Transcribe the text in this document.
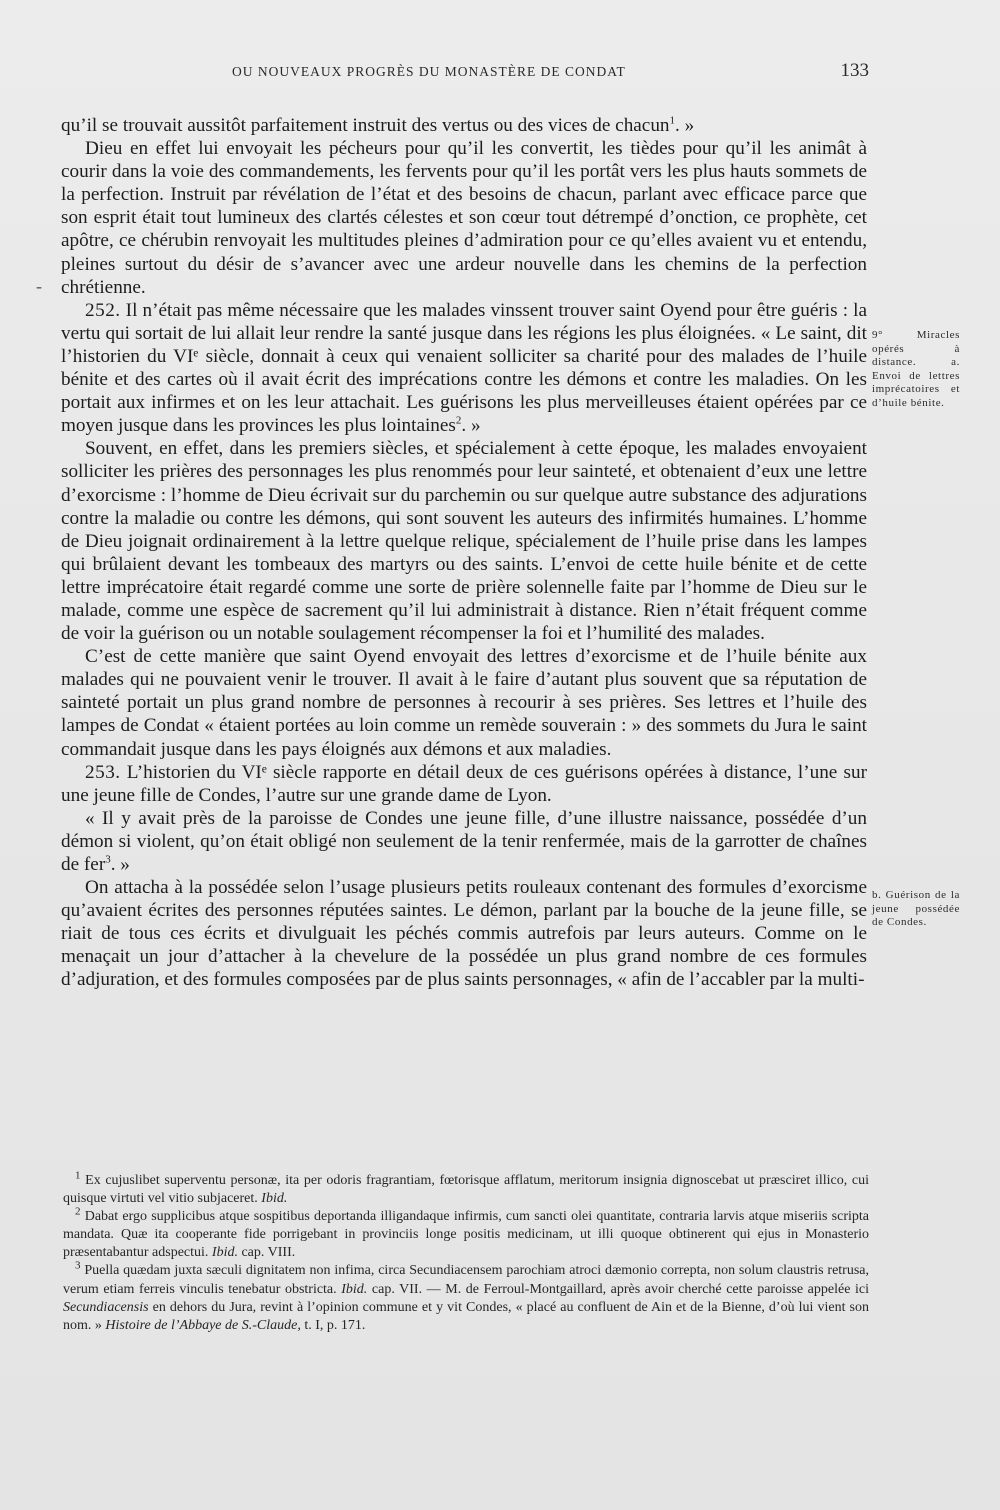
OU NOUVEAUX PROGRÈS DU MONASTÈRE DE CONDAT	133
-

qu’il se trouvait aussitôt parfaitement instruit des vertus ou des vices de chacun$^1$. »

Dieu en effet lui envoyait les pécheurs pour qu’il les convertit, les tièdes pour qu’il les animât à courir dans la voie des commandements, les fervents pour qu’il les portât vers les plus hauts sommets de la perfection. Instruit par révélation de l’état et des besoins de chacun, parlant avec efficace parce que son esprit était tout lumineux des clartés célestes et son cœur tout détrempé d’onction, ce prophète, cet apôtre, ce chérubin renvoyait les multitudes pleines d’admiration pour ce qu’elles avaient vu et entendu, pleines surtout du désir de s’avancer avec une ardeur nouvelle dans les chemins de la perfection chrétienne.

252. Il n’était pas même nécessaire que les malades vinssent trouver saint Oyend pour être guéris : la vertu qui sortait de lui allait leur rendre la santé jusque dans les régions les plus éloignées. « Le saint, dit l’historien du VIᵉ siècle, donnait à ceux qui venaient solliciter sa charité pour des malades de l’huile bénite et des cartes où il avait écrit des imprécations contre les démons et contre les maladies. On les portait aux infirmes et on les leur attachait. Les guérisons les plus merveilleuses étaient opérées par ce moyen jusque dans les provinces les plus lointaines$^2$. »

Souvent, en effet, dans les premiers siècles, et spécialement à cette époque, les malades envoyaient solliciter les prières des personnages les plus renommés pour leur sainteté, et obtenaient d’eux une lettre d’exorcisme : l’homme de Dieu écrivait sur du parchemin ou sur quelque autre substance des adjurations contre la maladie ou contre les démons, qui sont souvent les auteurs des infirmités humaines. L’homme de Dieu joignait ordinairement à la lettre quelque relique, spécialement de l’huile prise dans les lampes qui brûlaient devant les tombeaux des martyrs ou des saints. L’envoi de cette huile bénite et de cette lettre imprécatoire était regardé comme une sorte de prière solennelle faite par l’homme de Dieu sur le malade, comme une espèce de sacrement qu’il lui administrait à distance. Rien n’était fréquent comme de voir la guérison ou un notable soulagement récompenser la foi et l’humilité des malades.

C’est de cette manière que saint Oyend envoyait des lettres d’exorcisme et de l’huile bénite aux malades qui ne pouvaient venir le trouver. Il avait à le faire d’autant plus souvent que sa réputation de sainteté portait un plus grand nombre de personnes à recourir à ses prières. Ses lettres et l’huile des lampes de Condat « étaient portées au loin comme un remède souverain : » des sommets du Jura le saint commandait jusque dans les pays éloignés aux démons et aux maladies.

253. L’historien du VIᵉ siècle rapporte en détail deux de ces guérisons opérées à distance, l’une sur une jeune fille de Condes, l’autre sur une grande dame de Lyon.

« Il y avait près de la paroisse de Condes une jeune fille, d’une illustre naissance, possédée d’un démon si violent, qu’on était obligé non seulement de la tenir renfermée, mais de la garrotter de chaînes de fer$^3$. »

On attacha à la possédée selon l’usage plusieurs petits rouleaux contenant des formules d’exorcisme qu’avaient écrites des personnes réputées saintes. Le démon, parlant par la bouche de la jeune fille, se riait de tous ces écrits et divulguait les péchés commis autrefois par leurs auteurs. Comme on le menaçait un jour d’attacher à la chevelure de la possédée un plus grand nombre de ces formules d’adjuration, et des formules composées par de plus saints personnages, « afin de l’accabler par la multi-

9° Miracles opérés à distance. a. Envoi de lettres imprécatoires et d’huile bénite.
b. Guérison de la jeune possédée de Condes.

$^1$ Ex cujuslibet superventu personæ, ita per odoris fragrantiam, fœtorisque afflatum, meritorum insignia dignoscebat ut præsciret illico, cui quisque virtuti vel vitio subjaceret. Ibid.

$^2$ Dabat ergo supplicibus atque sospitibus deportanda illigandaque infirmis, cum sancti olei quantitate, contraria larvis atque miseriis scripta mandata. Quæ ita cooperante fide porrigebant in provinciis longe positis medicinam, ut illi quoque obtinerent qui ejus in Monasterio præsentabantur adspectui. Ibid. cap. VIII.

$^3$ Puella quædam juxta sæculi dignitatem non infima, circa Secundiacensem parochiam atroci dæmonio correpta, non solum claustris retrusa, verum etiam ferreis vinculis tenebatur obstricta. Ibid. cap. VII. — M. de Ferroul-Montgaillard, après avoir cherché cette paroisse appelée ici Secundiacensis en dehors du Jura, revint à l’opinion commune et y vit Condes, « placé au confluent de Ain et de la Bienne, d’où lui vient son nom. » Histoire de l’Abbaye de S.-Claude, t. I, p. 171.
